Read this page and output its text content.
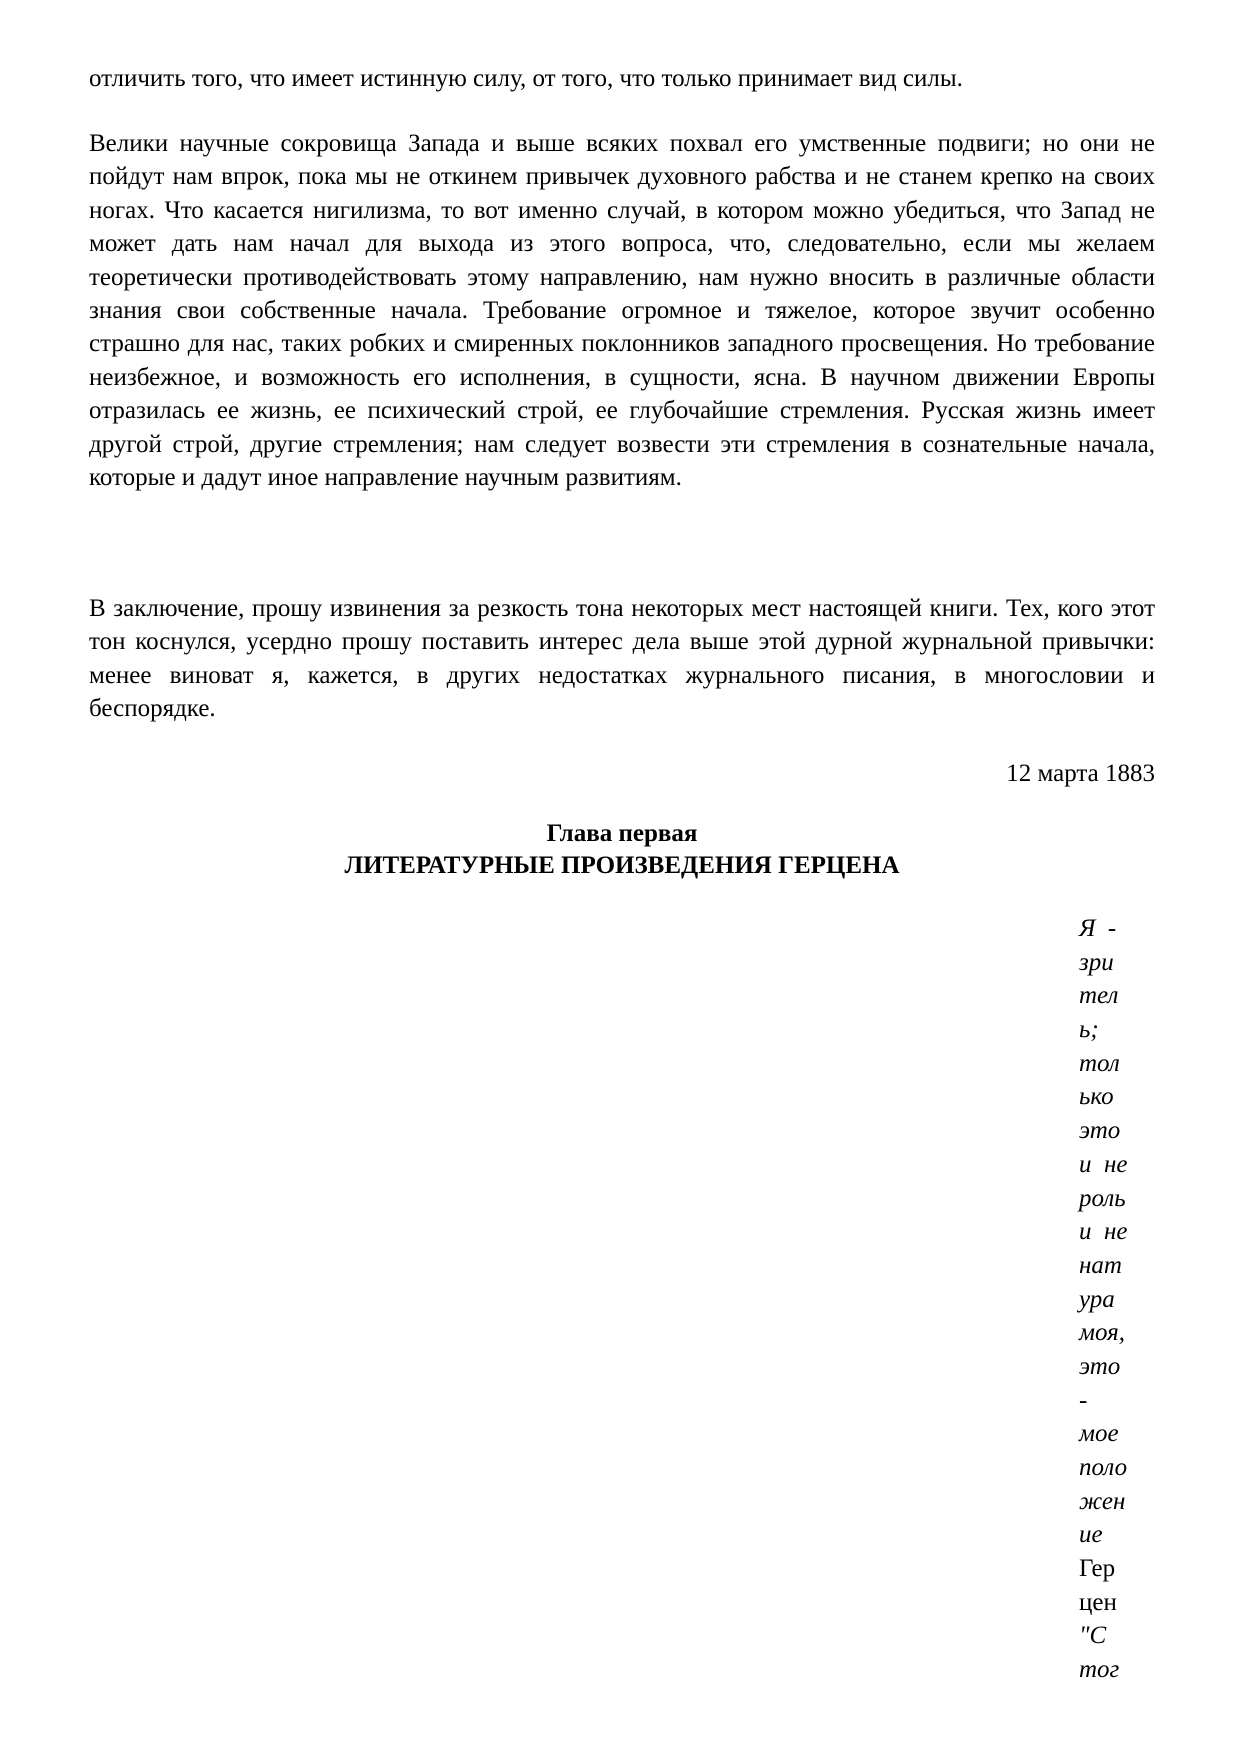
отличить того, что имеет истинную силу, от того, что только принимает вид силы.

Велики научные сокровища Запада и выше всяких похвал его умственные подвиги; но они не пойдут нам впрок, пока мы не откинем привычек духовного рабства и не станем крепко на своих ногах. Что касается нигилизма, то вот именно случай, в котором можно убедиться, что Запад не может дать нам начал для выхода из этого вопроса, что, следовательно, если мы желаем теоретически противодействовать этому направлению, нам нужно вносить в различные области знания свои собственные начала. Требование огромное и тяжелое, которое звучит особенно страшно для нас, таких робких и смиренных поклонников западного просвещения. Но требование неизбежное, и возможность его исполнения, в сущности, ясна. В научном движении Европы отразилась ее жизнь, ее психический строй, ее глубочайшие стремления. Русская жизнь имеет другой строй, другие стремления; нам следует возвести эти стремления в сознательные начала, которые и дадут иное направление научным развитиям.

В заключение, прошу извинения за резкость тона некоторых мест настоящей книги. Тех, кого этот тон коснулся, усердно прошу поставить интерес дела выше этой дурной журнальной привычки: менее виноват я, кажется, в других недостатках журнального писания, в многословии и беспорядке.

12 марта 1883

Глава первая
ЛИТЕРАТУРНЫЕ ПРОИЗВЕДЕНИЯ ГЕРЦЕНА
Я  -
зри
тел
ь;
тол
ько
это
и  не
роль
и  не
нат
ура
моя,
это
-
мое
поло
жен
ие
Гер
цен
"С
тог
